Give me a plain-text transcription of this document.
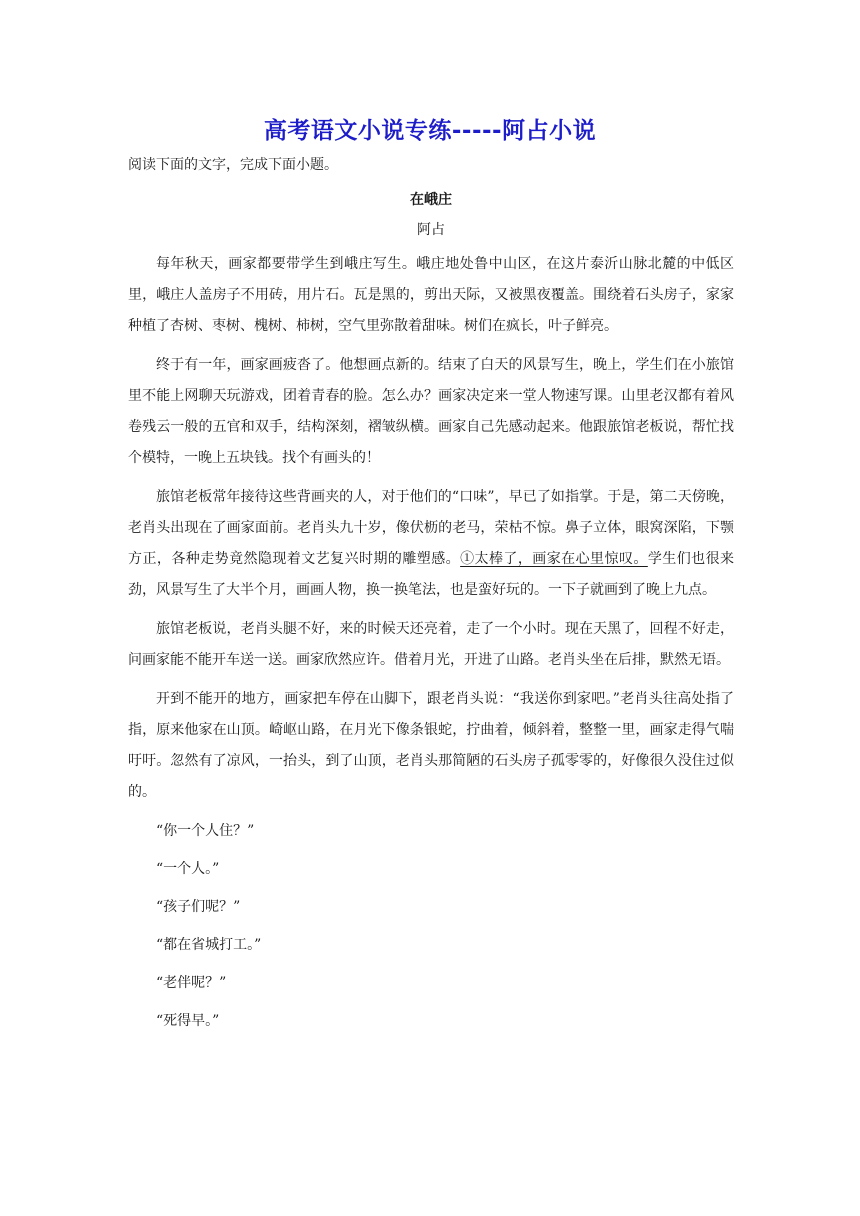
高考语文小说专练-----阿占小说

阅读下面的文字，完成下面小题。

在峨庄
阿占

每年秋天，画家都要带学生到峨庄写生。峨庄地处鲁中山区，在这片泰沂山脉北麓的中低区里，峨庄人盖房子不用砖，用片石。瓦是黑的，剪出天际，又被黑夜覆盖。围绕着石头房子，家家种植了杏树、枣树、槐树、柿树，空气里弥散着甜味。树们在疯长，叶子鲜亮。

终于有一年，画家画疲沓了。他想画点新的。结束了白天的风景写生，晚上，学生们在小旅馆里不能上网聊天玩游戏，团着青春的脸。怎么办？画家决定来一堂人物速写课。山里老汉都有着风卷残云一般的五官和双手，结构深刻，褶皱纵横。画家自己先感动起来。他跟旅馆老板说，帮忙找个模特，一晚上五块钱。找个有画头的！

旅馆老板常年接待这些背画夹的人，对于他们的“口味”，早已了如指掌。于是，第二天傍晚，老肖头出现在了画家面前。老肖头九十岁，像伏枥的老马，荣枯不惊。鼻子立体，眼窝深陷，下颚方正，各种走势竟然隐现着文艺复兴时期的雕塑感。①太棒了，画家在心里惊叹。学生们也很来劲，风景写生了大半个月，画画人物，换一换笔法，也是蛮好玩的。一下子就画到了晚上九点。

旅馆老板说，老肖头腿不好，来的时候天还亮着，走了一个小时。现在天黑了，回程不好走，问画家能不能开车送一送。画家欣然应许。借着月光，开进了山路。老肖头坐在后排，默然无语。

开到不能开的地方，画家把车停在山脚下，跟老肖头说：“我送你到家吧。”老肖头往高处指了指，原来他家在山顶。崎岖山路，在月光下像条银蛇，拧曲着，倾斜着，整整一里，画家走得气喘吁吁。忽然有了凉风，一抬头，到了山顶，老肖头那简陋的石头房子孤零零的，好像很久没住过似的。

“你一个人住？”

“一个人。”

“孩子们呢？”

“都在省城打工。”

“老伴呢？”

“死得早。”
